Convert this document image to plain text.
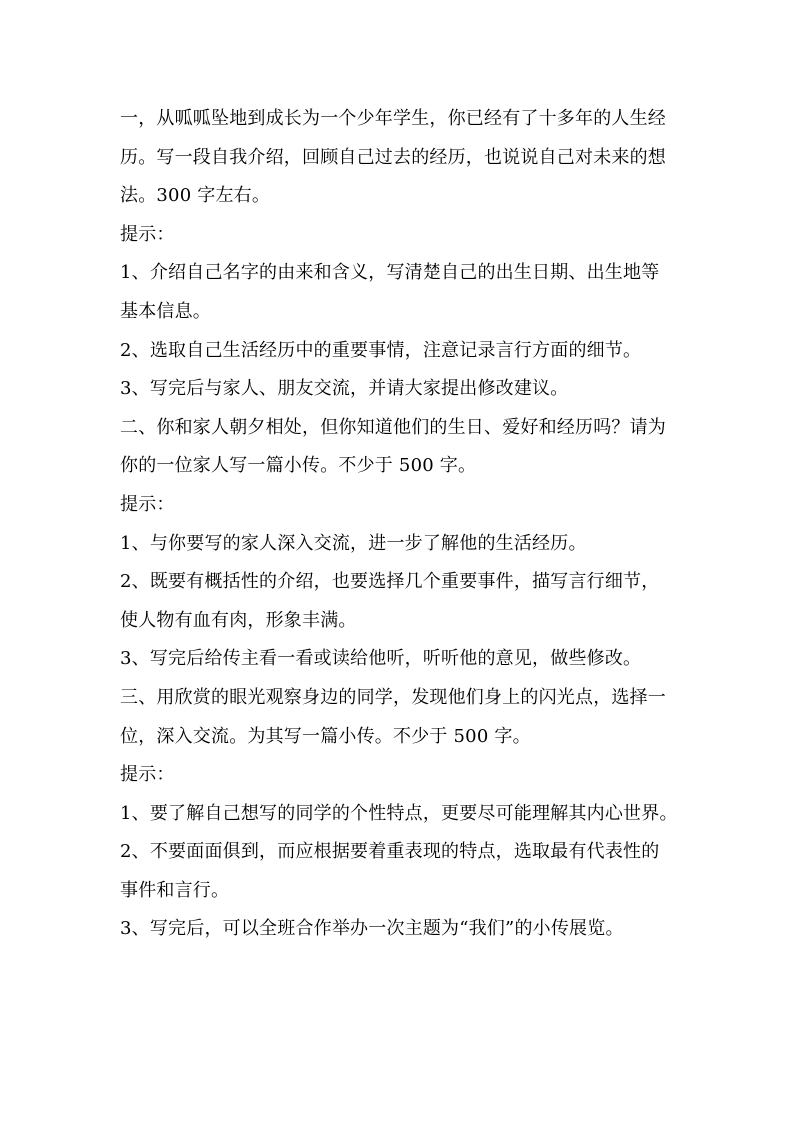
一，从呱呱坠地到成长为一个少年学生，你已经有了十多年的人生经
历。写一段自我介绍，回顾自己过去的经历，也说说自己对未来的想
法。300 字左右。
提示：
1、介绍自己名字的由来和含义，写清楚自己的出生日期、出生地等
基本信息。
2、选取自己生活经历中的重要事情，注意记录言行方面的细节。
3、写完后与家人、朋友交流，并请大家提出修改建议。
二、你和家人朝夕相处，但你知道他们的生日、爱好和经历吗？请为
你的一位家人写一篇小传。不少于 500 字。
提示：
1、与你要写的家人深入交流，进一步了解他的生活经历。
2、既要有概括性的介绍，也要选择几个重要事件，描写言行细节，
使人物有血有肉，形象丰满。
3、写完后给传主看一看或读给他听，听听他的意见，做些修改。
三、用欣赏的眼光观察身边的同学，发现他们身上的闪光点，选择一
位，深入交流。为其写一篇小传。不少于 500 字。
提示：
1、要了解自己想写的同学的个性特点，更要尽可能理解其内心世界。
2、不要面面俱到，而应根据要着重表现的特点，选取最有代表性的
事件和言行。
3、写完后，可以全班合作举办一次主题为“我们”的小传展览。
